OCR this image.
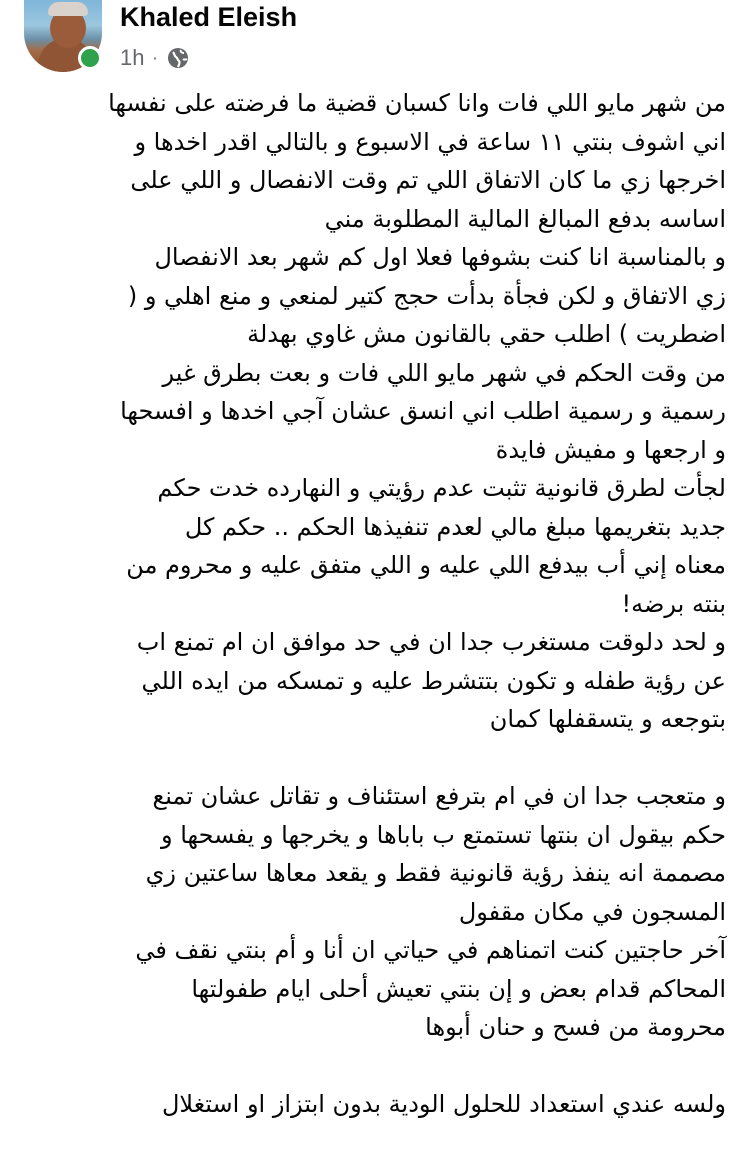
Khaled Eleish
1h ·

من شهر مايو اللي فات وانا كسبان قضية ما فرضته على نفسها

اني اشوف بنتي ١١ ساعة في الاسبوع و بالتالي اقدر اخدها و

اخرجها زي ما كان الاتفاق اللي تم وقت الانفصال و اللي على

اساسه بدفع المبالغ المالية المطلوبة مني

و بالمناسبة انا كنت بشوفها فعلا اول كم شهر بعد الانفصال

زي الاتفاق و لكن فجأة بدأت حجج كتير لمنعي و منع اهلي و (

اضطريت ) اطلب حقي بالقانون مش غاوي بهدلة

من وقت الحكم في شهر مايو اللي فات و بعت بطرق غير

رسمية و رسمية اطلب اني انسق عشان آجي اخدها و افسحها

و ارجعها و مفيش فايدة

لجأت لطرق قانونية تثبت عدم رؤيتي و النهارده خدت حكم

جديد بتغريمها مبلغ مالي لعدم تنفيذها الحكم .. حكم كل

معناه إني أب بيدفع اللي عليه و اللي متفق عليه و محروم من

بنته برضه!

و لحد دلوقت مستغرب جدا ان في حد موافق ان ام تمنع اب

عن رؤية طفله و تكون بتتشرط عليه و تمسكه من ايده اللي

بتوجعه و يتسقفلها كمان

و متعجب جدا ان في ام بترفع استئناف و تقاتل عشان تمنع

حكم بيقول ان بنتها تستمتع ب باباها و يخرجها و يفسحها و

مصممة انه ينفذ رؤية قانونية فقط و يقعد معاها ساعتين زي

المسجون في مكان مقفول

آخر حاجتين كنت اتمناهم في حياتي ان أنا و أم بنتي نقف في

المحاكم قدام بعض و إن بنتي تعيش أحلى ايام طفولتها

محرومة من فسح و حنان أبوها

ولسه عندي استعداد للحلول الودية بدون ابتزاز او استغلال
